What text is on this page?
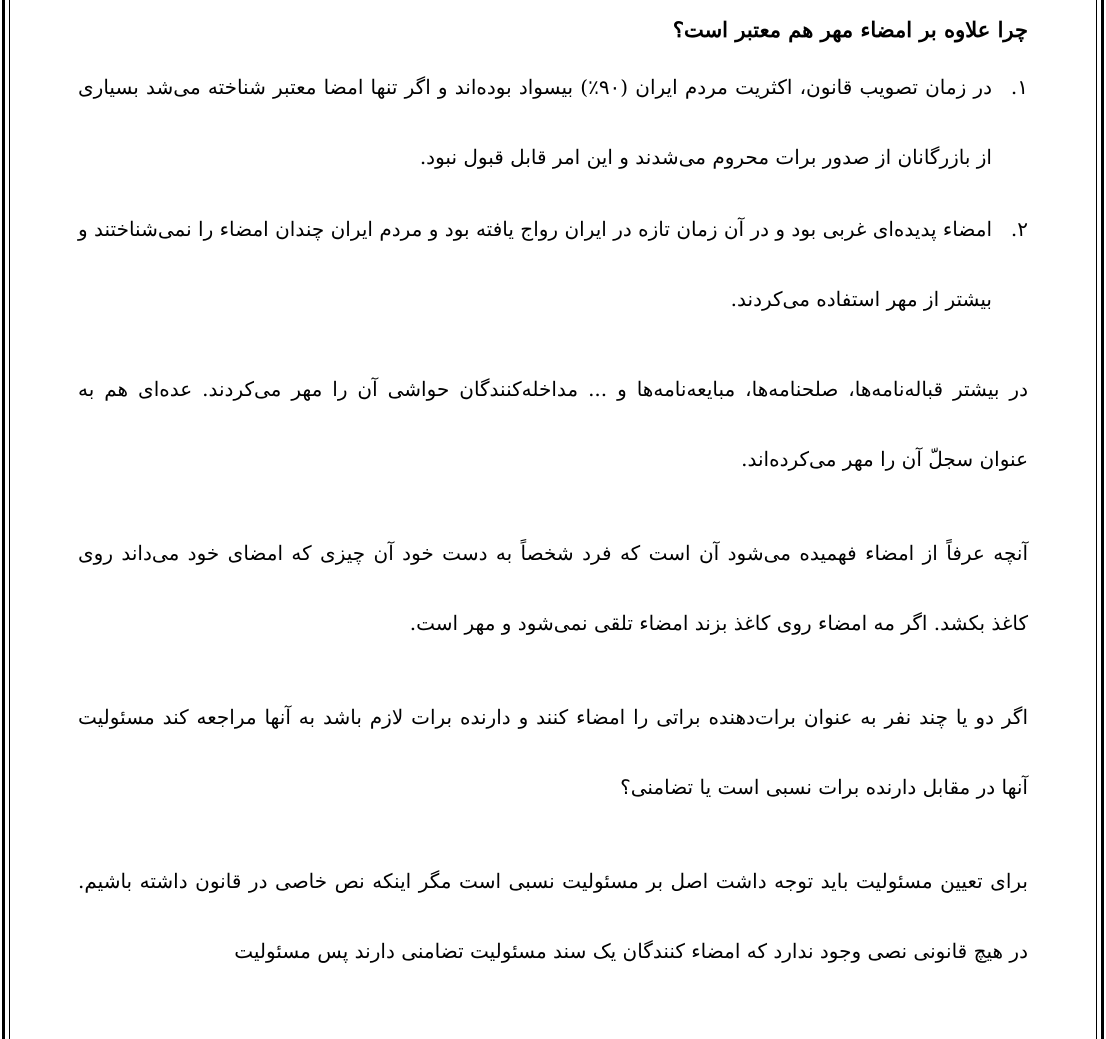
چرا علاوه بر امضاء مهر هم معتبر است؟
۱.
در زمان تصویب قانون، اکثریت مردم ایران (۹۰٪) بیسواد بوده‌اند و اگر تنها امضا معتبر شناخته می‌شد بسیاری از بازرگانان از صدور برات محروم می‌شدند و این امر قابل قبول نبود.
۲.
امضاء پدیده‌ای غربی بود و در آن زمان تازه در ایران رواج یافته بود و مردم ایران چندان امضاء را نمی‌شناختند و بیشتر از مهر استفاده می‌کردند.

در بیشتر قباله‌نامه‌ها، صلحنامه‌ها، مبایعه‌نامه‌ها و ... مداخله‌کنندگان حواشی آن را مهر می‌کردند. عده‌ای هم به عنوان سجلّ آن را مهر می‌کرده‌اند.

آنچه عرفاً از امضاء فهمیده می‌شود آن است که فرد شخصاً به دست خود آن چیزی که امضای خود می‌داند روی کاغذ بکشد. اگر مه امضاء روی کاغذ بزند امضاء تلقی نمی‌شود و مهر است.

اگر دو یا چند نفر به عنوان برات‌دهنده براتی را امضاء کنند و دارنده برات لازم باشد به آنها مراجعه کند مسئولیت آنها در مقابل دارنده برات نسبی است یا تضامنی؟

برای تعیین مسئولیت باید توجه داشت اصل بر مسئولیت نسبی است مگر اینکه نص خاصی در قانون داشته باشیم. در هیچ قانونی نصی وجود ندارد که امضاء کنندگان یک سند مسئولیت تضامنی دارند پس مسئولیت
